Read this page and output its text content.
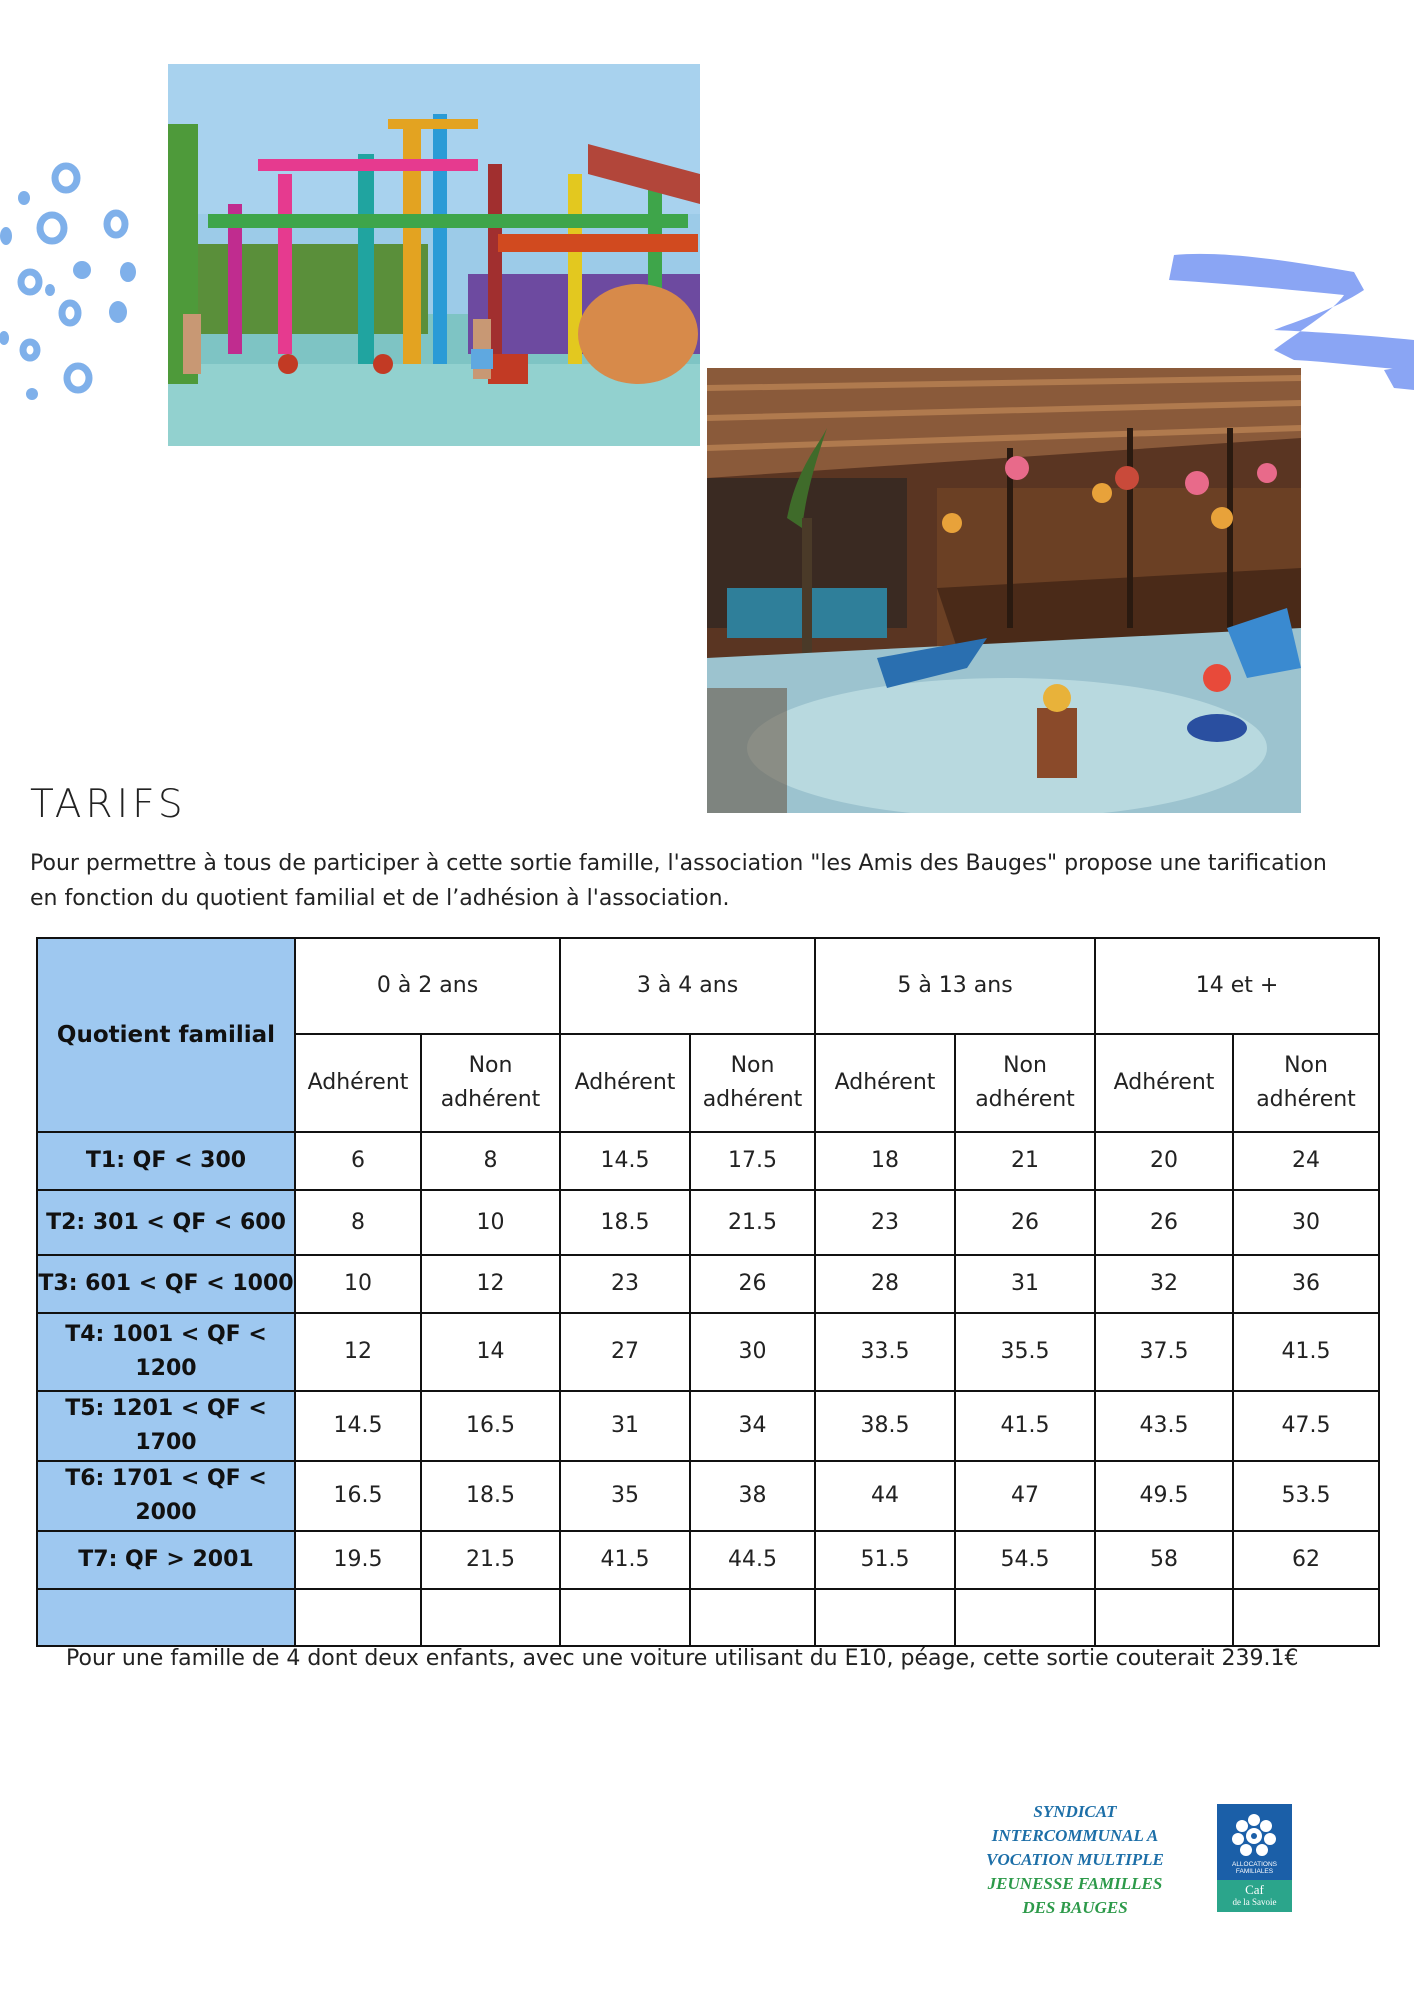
TARIFS

Pour permettre à tous de participer à cette sortie famille, l'association "les Amis des Bauges" propose une tarification en fonction du quotient familial et de l’adhésion à l'association.

Quotient familial	0 à 2 ans		3 à 4 ans		5 à 13 ans		14 et +	
	Adhérent	Non adhérent	Adhérent	Non adhérent	Adhérent	Non adhérent	Adhérent	Non adhérent
T1: QF < 300	6	8	14.5	17.5	18	21	20	24
T2: 301 < QF < 600	8	10	18.5	21.5	23	26	26	30
T3: 601 < QF < 1000	10	12	23	26	28	31	32	36
T4: 1001 < QF < 1200	12	14	27	30	33.5	35.5	37.5	41.5
T5: 1201 < QF < 1700	14.5	16.5	31	34	38.5	41.5	43.5	47.5
T6: 1701 < QF < 2000	16.5	18.5	35	38	44	47	49.5	53.5
T7: QF > 2001	19.5	21.5	41.5	44.5	51.5	54.5	58	62

Pour une famille de 4 dont deux enfants, avec une voiture utilisant du E10, péage, cette sortie couterait 239.1€
SYNDICAT
INTERCOMMUNAL A
VOCATION MULTIPLE
JEUNESSE FAMILLES
DES BAUGES
ALLOCATIONS
FAMILIALES
Caf
de la Savoie
